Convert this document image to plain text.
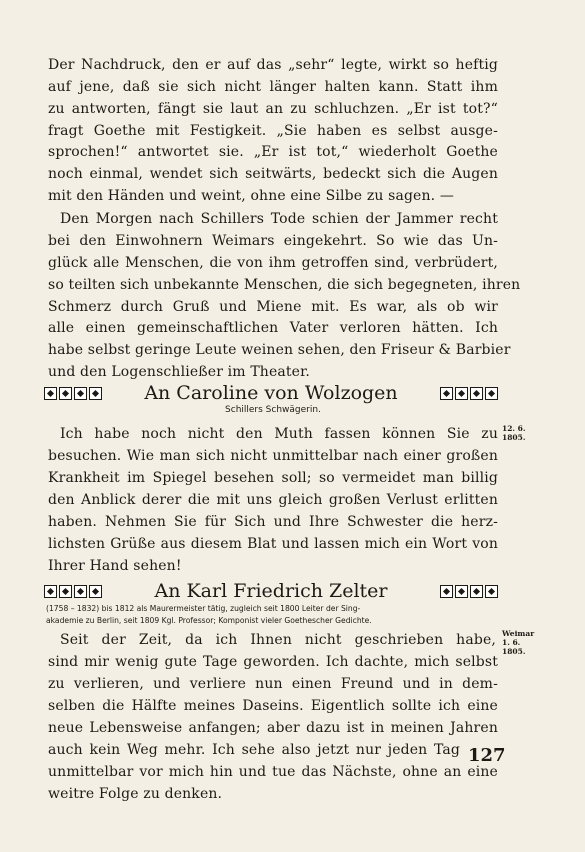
Der Nachdruck, den er auf das „sehr“ legte, wirkt so heftig
auf jene, daß sie sich nicht länger halten kann. Statt ihm
zu antworten, fängt sie laut an zu schluchzen. „Er ist tot?“
fragt Goethe mit Festigkeit. „Sie haben es selbst ausge-
sprochen!“ antwortet sie. „Er ist tot,“ wiederholt Goethe
noch einmal, wendet sich seitwärts, bedeckt sich die Augen
mit den Händen und weint, ohne eine Silbe zu sagen. —
Den Morgen nach Schillers Tode schien der Jammer recht
bei den Einwohnern Weimars eingekehrt. So wie das Un-
glück alle Menschen, die von ihm getroffen sind, verbrüdert,
so teilten sich unbekannte Menschen, die sich begegneten, ihren
Schmerz durch Gruß und Miene mit. Es war, als ob wir
alle einen gemeinschaftlichen Vater verloren hätten. Ich
habe selbst geringe Leute weinen sehen, den Friseur & Barbier
und den Logenschließer im Theater.
An Caroline von Wolzogen
Schillers Schwägerin.
Ich habe noch nicht den Muth fassen können Sie zu 12. 6.
1805.
besuchen. Wie man sich nicht unmittelbar nach einer großen
Krankheit im Spiegel besehen soll; so vermeidet man billig
den Anblick derer die mit uns gleich großen Verlust erlitten
haben. Nehmen Sie für Sich und Ihre Schwester die herz-
lichsten Grüße aus diesem Blat und lassen mich ein Wort von
Ihrer Hand sehen!
An Karl Friedrich Zelter
(1758 – 1832) bis 1812 als Maurermeister tätig, zugleich seit 1800 Leiter der Sing-
akademie zu Berlin, seit 1809 Kgl. Professor; Komponist vieler Goethescher Gedichte.
Seit der Zeit, da ich Ihnen nicht geschrieben habe, Weimar
1. 6.
1805.
sind mir wenig gute Tage geworden. Ich dachte, mich selbst
zu verlieren, und verliere nun einen Freund und in dem-
selben die Hälfte meines Daseins. Eigentlich sollte ich eine
neue Lebensweise anfangen; aber dazu ist in meinen Jahren
auch kein Weg mehr. Ich sehe also jetzt nur jeden Tag
unmittelbar vor mich hin und tue das Nächste, ohne an eine
weitre Folge zu denken.
127
